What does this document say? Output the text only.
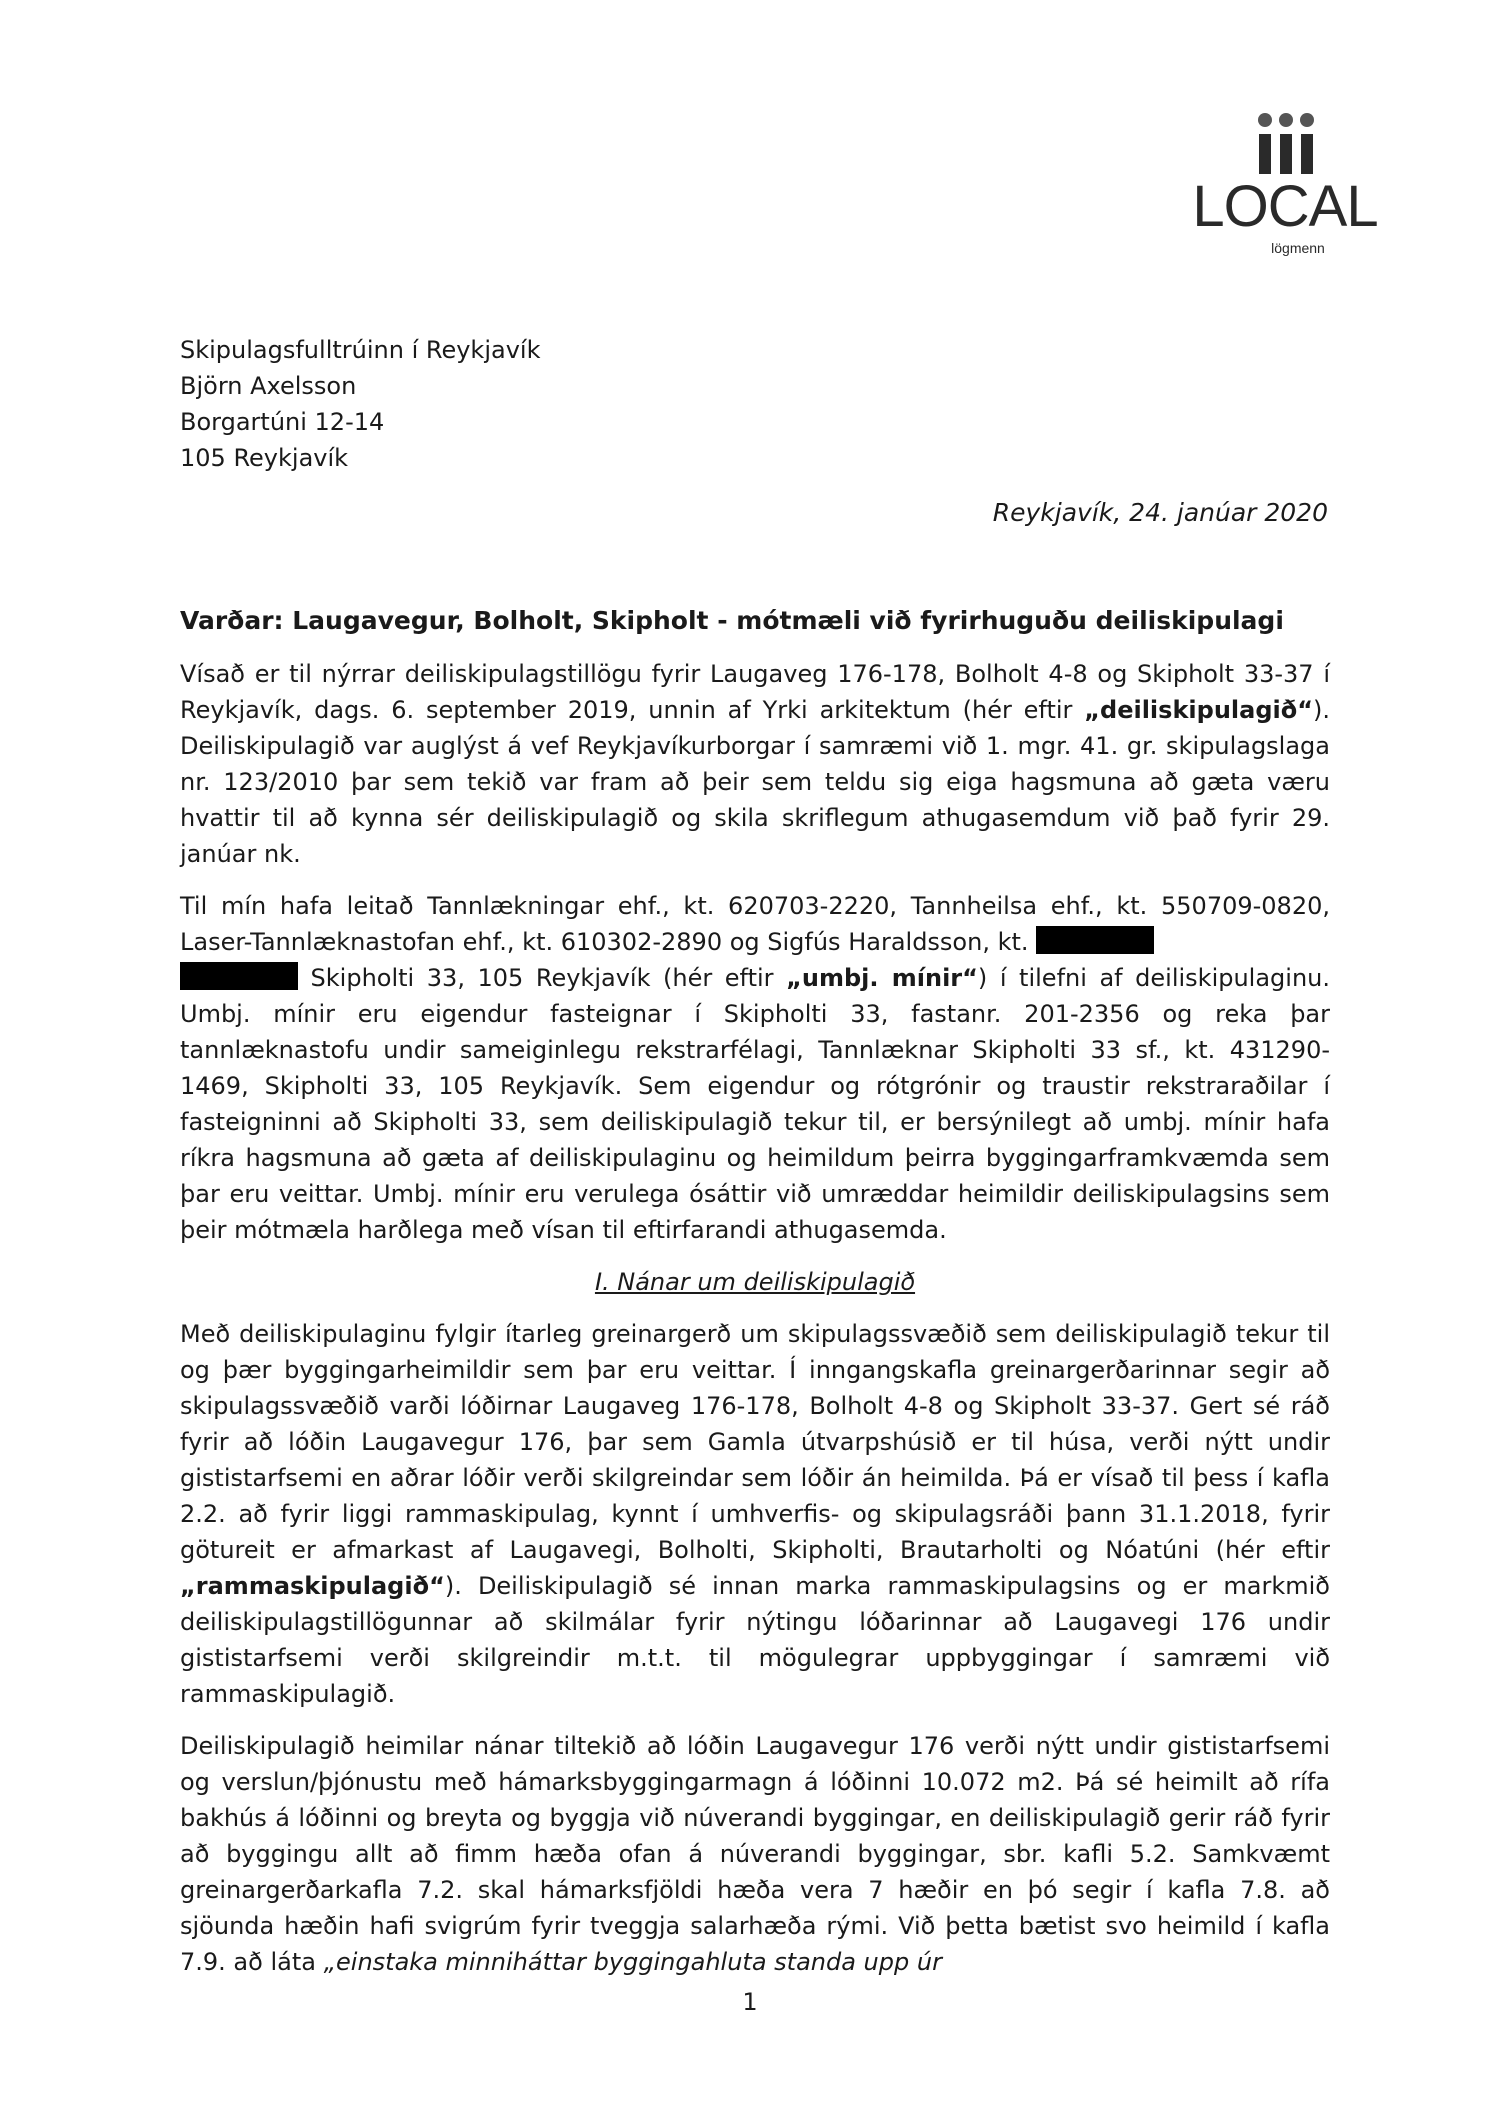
LOCAL
lögmenn
Skipulagsfulltrúinn í Reykjavík
Björn Axelsson
Borgartúni 12-14
105 Reykjavík
Reykjavík, 24. janúar 2020
Varðar: Laugavegur, Bolholt, Skipholt - mótmæli við fyrirhuguðu deiliskipulagi

Vísað er til nýrrar deiliskipulagstillögu fyrir Laugaveg 176-178, Bolholt 4-8 og Skipholt 33-37 í Reykjavík, dags. 6. september 2019, unnin af Yrki arkitektum (hér eftir „deiliskipulagið“). Deiliskipulagið var auglýst á vef Reykjavíkurborgar í samræmi við 1. mgr. 41. gr. skipulagslaga nr. 123/2010 þar sem tekið var fram að þeir sem teldu sig eiga hagsmuna að gæta væru hvattir til að kynna sér deiliskipulagið og skila skriflegum athugasemdum við það fyrir 29. janúar nk.

Til mín hafa leitað Tannlækningar ehf., kt. 620703-2220, Tannheilsa ehf., kt. 550709-0820, Laser-Tannlæknastofan ehf., kt. 610302-2890 og Sigfús Haraldsson, kt.
Skipholti 33, 105 Reykjavík (hér eftir „umbj. mínir“) í tilefni af deiliskipulaginu. Umbj. mínir eru eigendur fasteignar í Skipholti 33, fastanr. 201-2356 og reka þar tannlæknastofu undir sameiginlegu rekstrarfélagi, Tannlæknar Skipholti 33 sf., kt. 431290-1469, Skipholti 33, 105 Reykjavík. Sem eigendur og rótgrónir og traustir rekstraraðilar í fasteigninni að Skipholti 33, sem deiliskipulagið tekur til, er bersýnilegt að umbj. mínir hafa ríkra hagsmuna að gæta af deiliskipulaginu og heimildum þeirra byggingarframkvæmda sem þar eru veittar. Umbj. mínir eru verulega ósáttir við umræddar heimildir deiliskipulagsins sem þeir mótmæla harðlega með vísan til eftirfarandi athugasemda.

I. Nánar um deiliskipulagið

Með deiliskipulaginu fylgir ítarleg greinargerð um skipulagssvæðið sem deiliskipulagið tekur til og þær byggingarheimildir sem þar eru veittar. Í inngangskafla greinargerðarinnar segir að skipulagssvæðið varði lóðirnar Laugaveg 176-178, Bolholt 4-8 og Skipholt 33-37. Gert sé ráð fyrir að lóðin Laugavegur 176, þar sem Gamla útvarpshúsið er til húsa, verði nýtt undir gististarfsemi en aðrar lóðir verði skilgreindar sem lóðir án heimilda. Þá er vísað til þess í kafla 2.2. að fyrir liggi rammaskipulag, kynnt í umhverfis- og skipulagsráði þann 31.1.2018, fyrir götureit er afmarkast af Laugavegi, Bolholti, Skipholti, Brautarholti og Nóatúni (hér eftir „rammaskipulagið“). Deiliskipulagið sé innan marka rammaskipulagsins og er markmið deiliskipulagstillögunnar að skilmálar fyrir nýtingu lóðarinnar að Laugavegi 176 undir gististarfsemi verði skilgreindir m.t.t. til mögulegrar uppbyggingar í samræmi við rammaskipulagið.

Deiliskipulagið heimilar nánar tiltekið að lóðin Laugavegur 176 verði nýtt undir gististarfsemi og verslun/þjónustu með hámarksbyggingarmagn á lóðinni 10.072 m2. Þá sé heimilt að rífa bakhús á lóðinni og breyta og byggja við núverandi byggingar, en deiliskipulagið gerir ráð fyrir að byggingu allt að fimm hæða ofan á núverandi byggingar, sbr. kafli 5.2. Samkvæmt greinargerðarkafla 7.2. skal hámarksfjöldi hæða vera 7 hæðir en þó segir í kafla 7.8. að sjöunda hæðin hafi svigrúm fyrir tveggja salarhæða rými. Við þetta bætist svo heimild í kafla 7.9. að láta „einstaka minniháttar byggingahluta standa upp úr

1
